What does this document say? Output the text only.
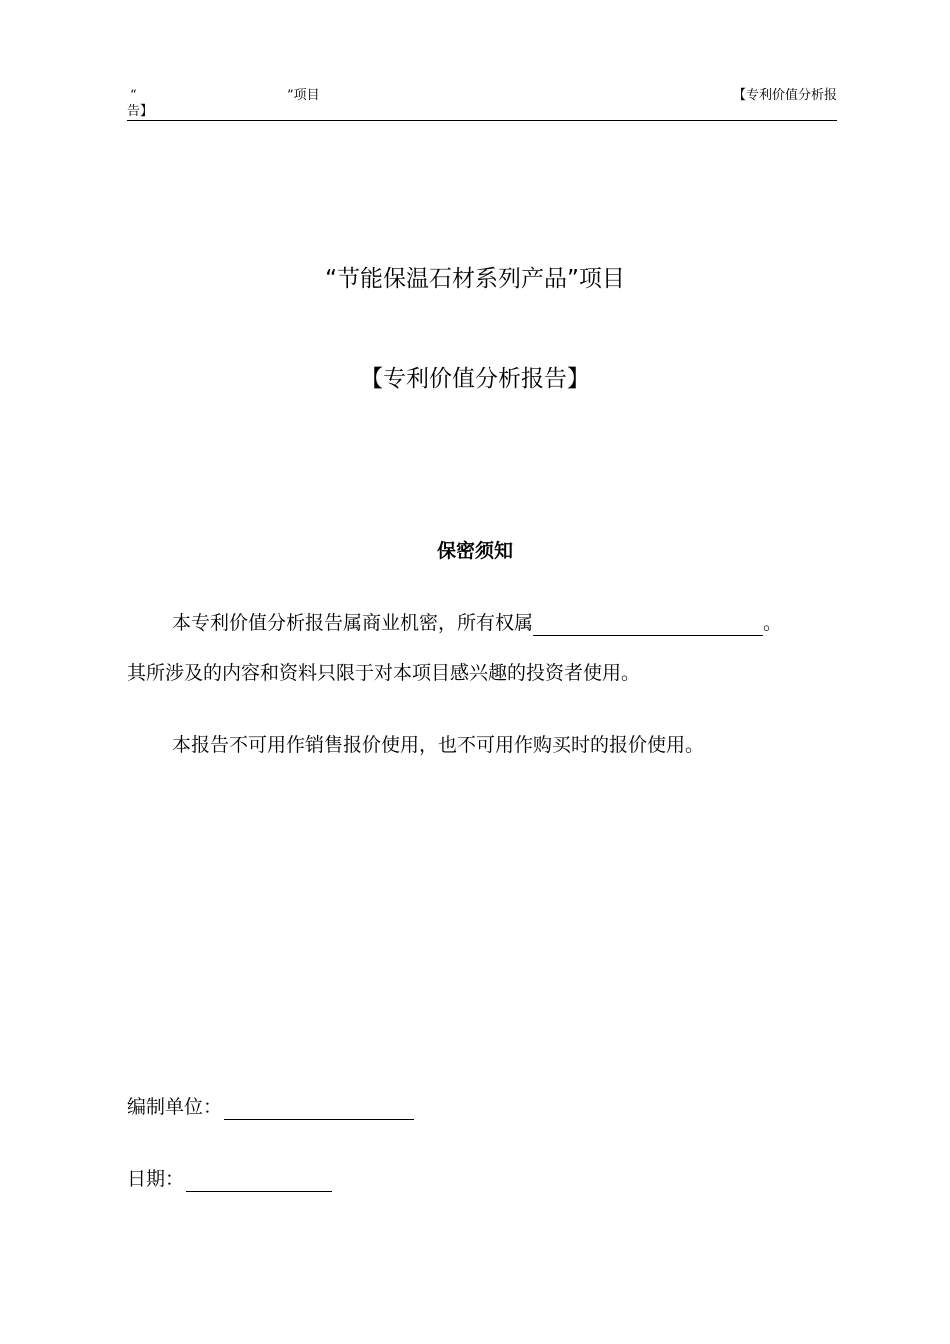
“	”项目	【专利价值分析报
告】
“节能保温石材系列产品”项目
【专利价值分析报告】
保密须知
本专利价值分析报告属商业机密，所有权属	。
其所涉及的内容和资料只限于对本项目感兴趣的投资者使用。
本报告不可用作销售报价使用，也不可用作购买时的报价使用。
编制单位：
日期：
